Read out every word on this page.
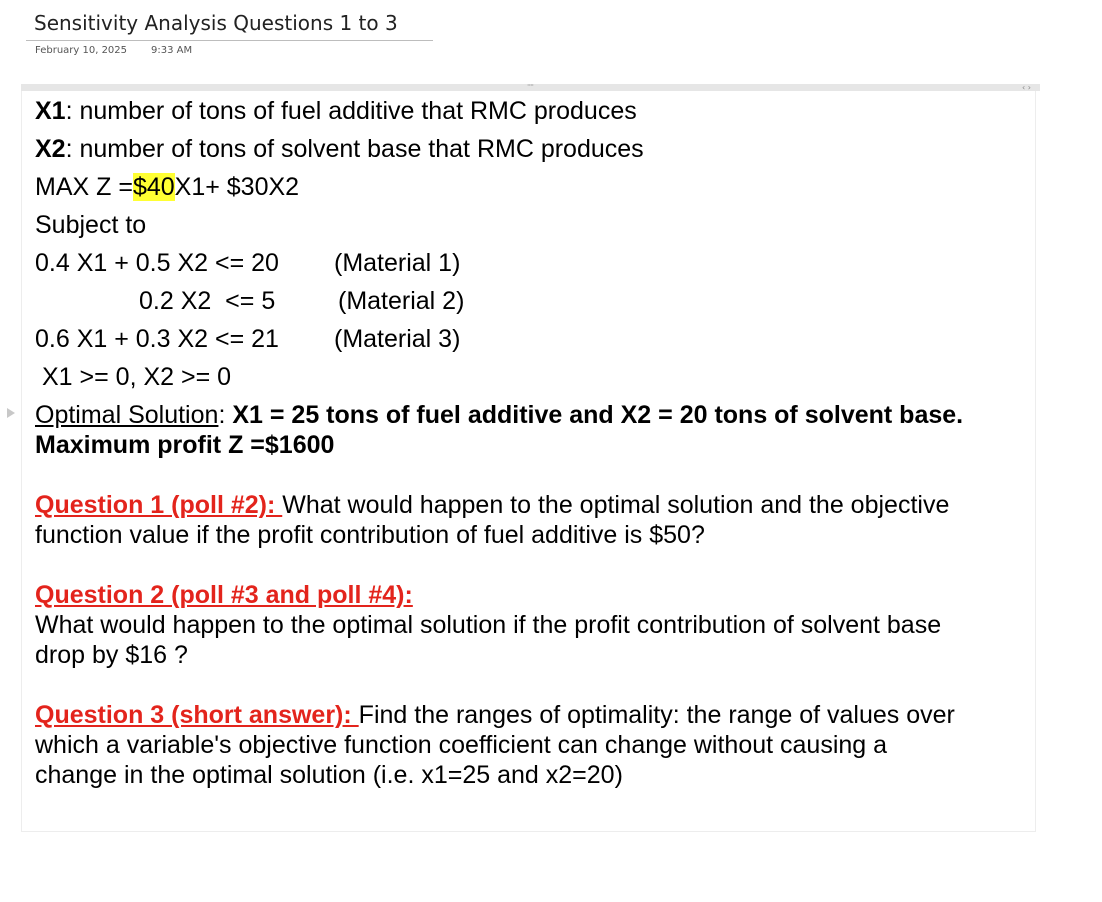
Sensitivity Analysis Questions 1 to 3
February 10, 2025 9:33 AM
····	‹ ›
X1: number of tons of fuel additive that RMC produces
X2: number of tons of solvent base that RMC produces
MAX Z =$40X1+ $30X2
Subject to
0.4 X1 + 0.5 X2 <= 20 (Material 1)
0.2 X2  <= 5	(Material 2)
0.6 X1 + 0.3 X2 <= 21 (Material 3)
X1 >= 0, X2 >= 0
Optimal Solution: X1 = 25 tons of fuel additive and X2 = 20 tons of solvent base.
Maximum profit Z =$1600
Question 1 (poll #2): What would happen to the optimal solution and the objective
function value if the profit contribution of fuel additive is $50?
Question 2 (poll #3 and poll #4):
What would happen to the optimal solution if the profit contribution of solvent base
drop by $16 ?
Question 3 (short answer): Find the ranges of optimality: the range of values over
which a variable's objective function coefficient can change without causing a
change in the optimal solution (i.e. x1=25 and x2=20)
